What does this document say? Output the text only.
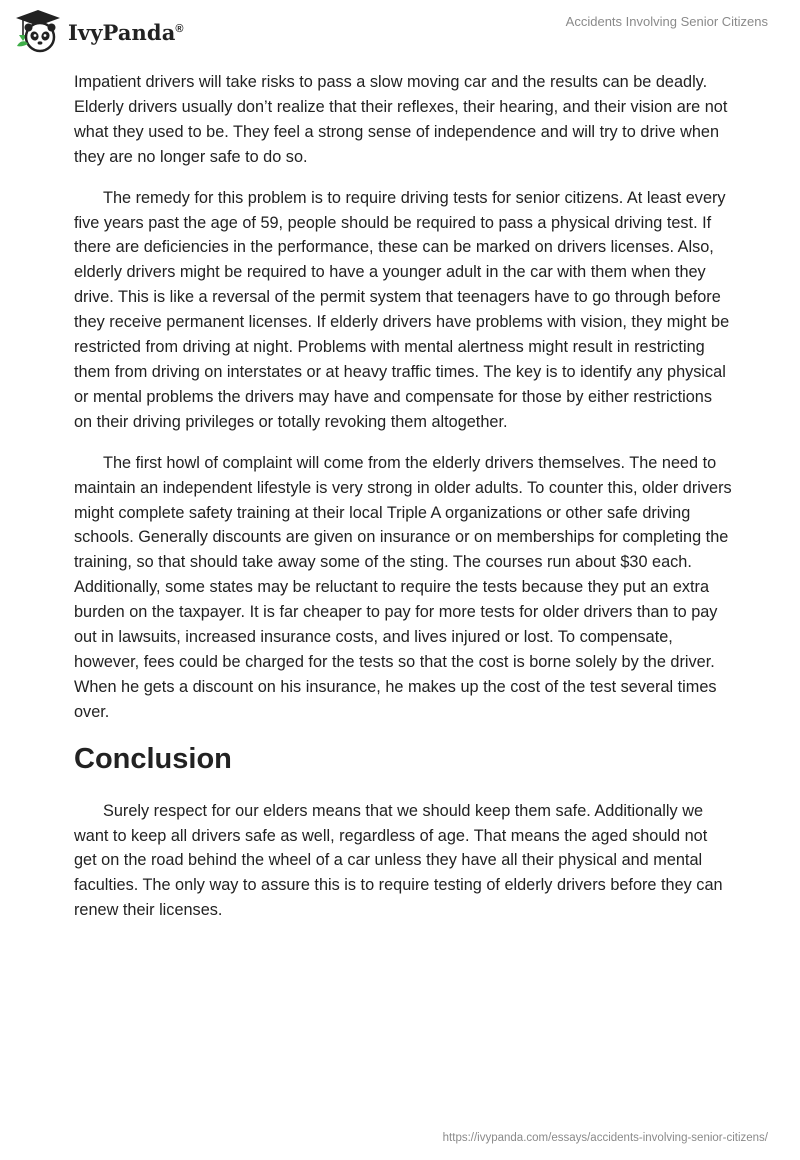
IvyPanda®	Accidents Involving Senior Citizens

Impatient drivers will take risks to pass a slow moving car and the results can be deadly. Elderly drivers usually don’t realize that their reflexes, their hearing, and their vision are not what they used to be. They feel a strong sense of independence and will try to drive when they are no longer safe to do so.

The remedy for this problem is to require driving tests for senior citizens. At least every five years past the age of 59, people should be required to pass a physical driving test. If there are deficiencies in the performance, these can be marked on drivers licenses. Also, elderly drivers might be required to have a younger adult in the car with them when they drive. This is like a reversal of the permit system that teenagers have to go through before they receive permanent licenses. If elderly drivers have problems with vision, they might be restricted from driving at night. Problems with mental alertness might result in restricting them from driving on interstates or at heavy traffic times. The key is to identify any physical or mental problems the drivers may have and compensate for those by either restrictions on their driving privileges or totally revoking them altogether.

The first howl of complaint will come from the elderly drivers themselves. The need to maintain an independent lifestyle is very strong in older adults. To counter this, older drivers might complete safety training at their local Triple A organizations or other safe driving schools. Generally discounts are given on insurance or on memberships for completing the training, so that should take away some of the sting. The courses run about $30 each. Additionally, some states may be reluctant to require the tests because they put an extra burden on the taxpayer. It is far cheaper to pay for more tests for older drivers than to pay out in lawsuits, increased insurance costs, and lives injured or lost. To compensate, however, fees could be charged for the tests so that the cost is borne solely by the driver. When he gets a discount on his insurance, he makes up the cost of the test several times over.

Conclusion

Surely respect for our elders means that we should keep them safe. Additionally we want to keep all drivers safe as well, regardless of age. That means the aged should not get on the road behind the wheel of a car unless they have all their physical and mental faculties. The only way to assure this is to require testing of elderly drivers before they can renew their licenses.

https://ivypanda.com/essays/accidents-involving-senior-citizens/
